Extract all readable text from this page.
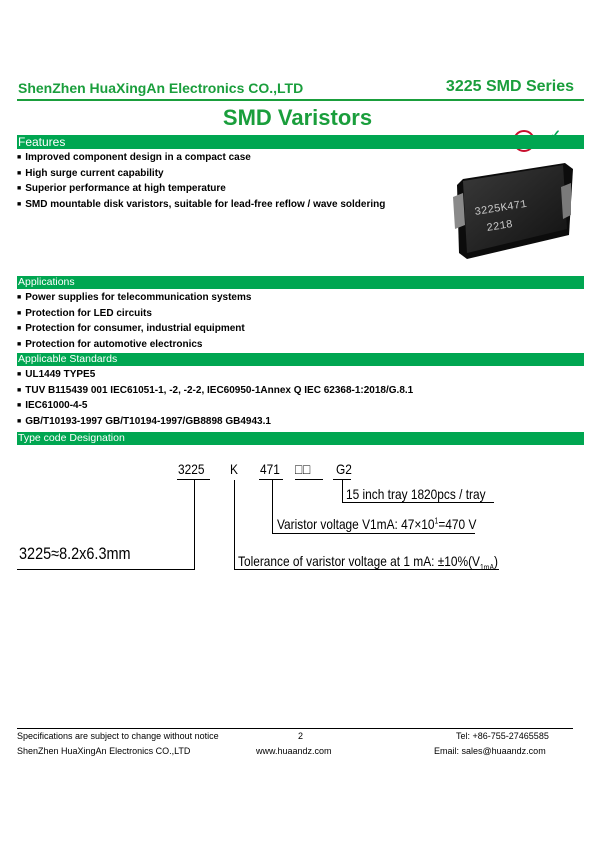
ShenZhen HuaXingAn Electronics CO.,LTD	3225 SMD Series
SMD Varistors
Features
■ Improved component design in a compact case
■ High surge current capability
■ Superior performance at high temperature
■ SMD mountable disk varistors, suitable for lead-free reflow / wave soldering	3225K471
2218
Applications
■ Power supplies for telecommunication systems
■ Protection for LED circuits
■ Protection for consumer, industrial equipment
■ Protection for automotive electronics
Applicable Standards
■ UL1449 TYPE5
■ TUV B115439 001 IEC61051-1, -2, -2-2, IEC60950-1Annex Q IEC 62368-1:2018/G.8.1
■ IEC61000-4-5
■ GB/T10193-1997 GB/T10194-1997/GB8898 GB4943.1
Type code Designation
3225 K 471 □□ G2
15 inch tray 1820pcs / tray
Varistor voltage V1mA: $47\times 10^1=470$ V
Tolerance of varistor voltage at 1 mA: $\pm 10\%(V_{1mA})$
3225≈8.2x6.3mm
Specifications are subject to change without notice	2	Tel: +86-755-27465585
ShenZhen HuaXingAn Electronics CO.,LTD	www.huaandz.com	Email: sales@huaandz.com
